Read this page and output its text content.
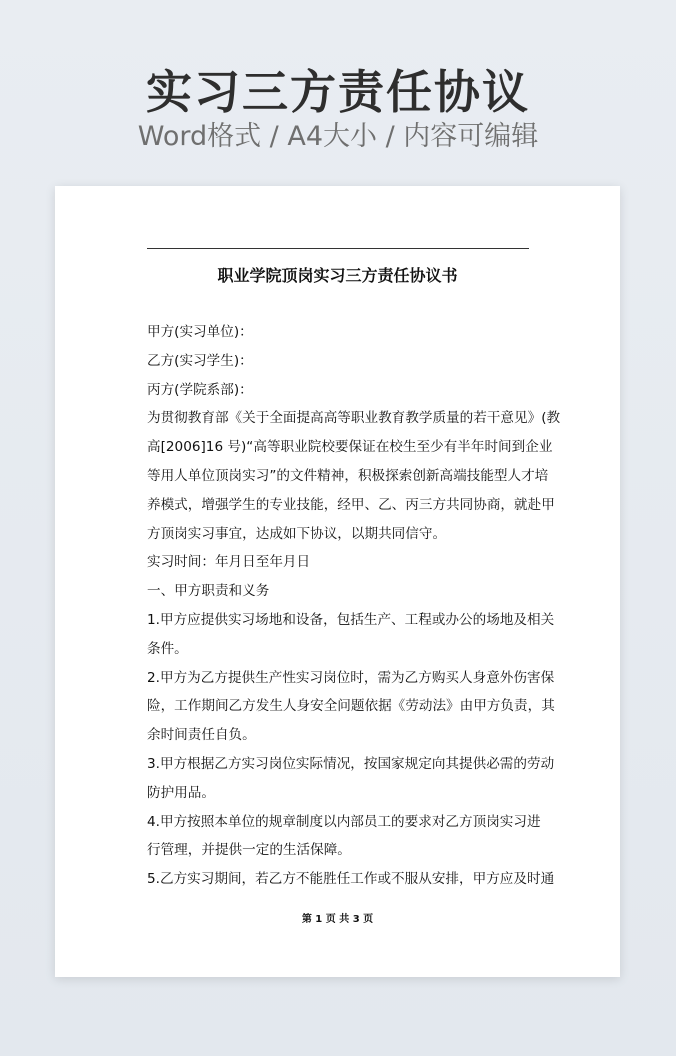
实习三方责任协议
Word格式 / A4大小 / 内容可编辑
职业学院顶岗实习三方责任协议书
甲方(实习单位)：
乙方(实习学生)：
丙方(学院系部)：
为贯彻教育部《关于全面提高高等职业教育教学质量的若干意见》(教
高[2006]16 号)“高等职业院校要保证在校生至少有半年时间到企业
等用人单位顶岗实习”的文件精神，积极探索创新高端技能型人才培
养模式，增强学生的专业技能，经甲、乙、丙三方共同协商，就赴甲
方顶岗实习事宜，达成如下协议，以期共同信守。
实习时间：年月日至年月日
一、甲方职责和义务
1.甲方应提供实习场地和设备，包括生产、工程或办公的场地及相关
条件。
2.甲方为乙方提供生产性实习岗位时，需为乙方购买人身意外伤害保
险，工作期间乙方发生人身安全问题依据《劳动法》由甲方负责，其
余时间责任自负。
3.甲方根据乙方实习岗位实际情况，按国家规定向其提供必需的劳动
防护用品。
4.甲方按照本单位的规章制度以内部员工的要求对乙方顶岗实习进
行管理，并提供一定的生活保障。
5.乙方实习期间，若乙方不能胜任工作或不服从安排，甲方应及时通
第 1 页 共 3 页
